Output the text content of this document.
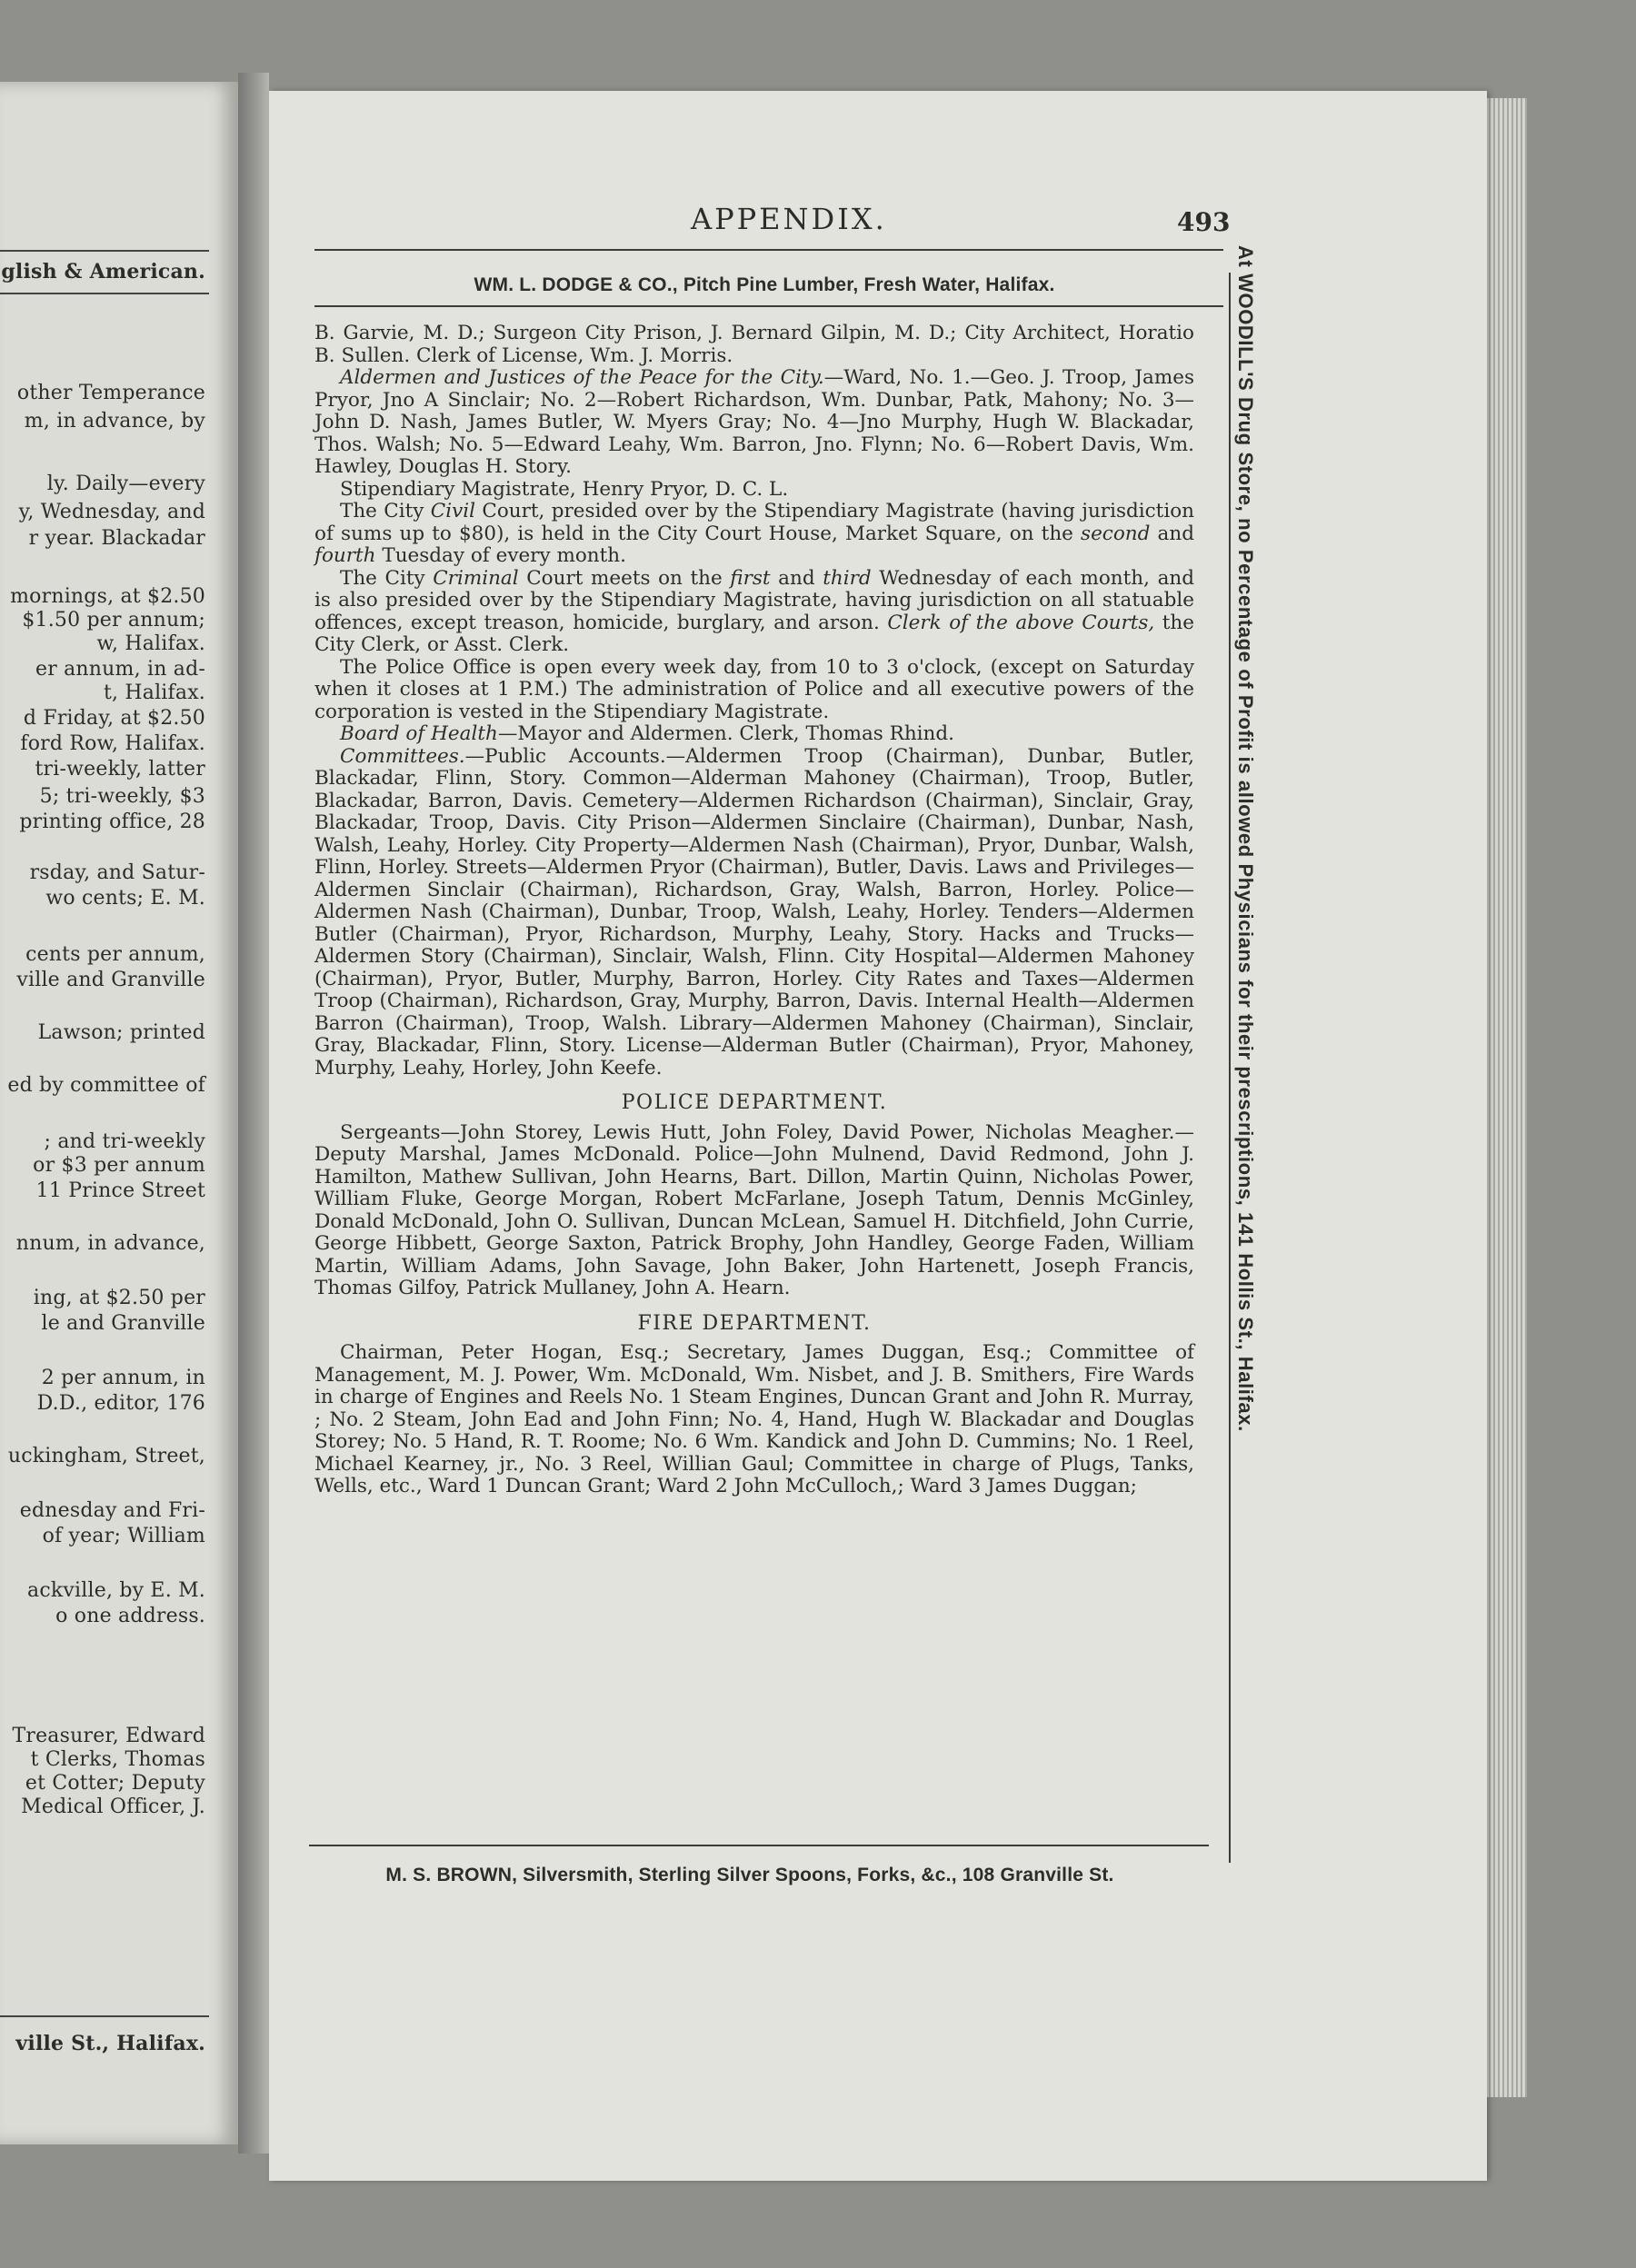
glish & American.
other Temperance
m, in advance, by
ly. Daily—every
y, Wednesday, and
r year. Blackadar
mornings, at $2.50
$1.50 per annum;
w, Halifax.
er annum, in ad-
t, Halifax.
d Friday, at $2.50
ford Row, Halifax.
tri-weekly, latter
5; tri-weekly, $3
printing office, 28
rsday, and Satur-
wo cents; E. M.
cents per annum,
ville and Granville
Lawson; printed
ed by committee of
; and tri-weekly
or $3 per annum
11 Prince Street
nnum, in advance,
ing, at $2.50 per
le and Granville
2 per annum, in
D.D., editor, 176
uckingham, Street,
ednesday and Fri-
of year; William
ackville, by E. M.
o one address.
Treasurer, Edward
t Clerks, Thomas
et Cotter; Deputy
Medical Officer, J.
ville St., Halifax.
APPENDIX.	493
WM. L. DODGE & CO., Pitch Pine Lumber, Fresh Water, Halifax.	At WOODILL'S Drug Store, no Percentage of Profit is allowed Physicians for their prescriptions, 141 Hollis St., Halifax.

B. Garvie, M. D.; Surgeon City Prison, J. Bernard Gilpin, M. D.; City Architect, Horatio B. Sullen. Clerk of License, Wm. J. Morris.

Aldermen and Justices of the Peace for the City.—Ward, No. 1.—Geo. J. Troop, James Pryor, Jno A Sinclair; No. 2—Robert Richardson, Wm. Dunbar, Patk, Mahony; No. 3—John D. Nash, James Butler, W. Myers Gray; No. 4—Jno Murphy, Hugh W. Blackadar, Thos. Walsh; No. 5—Edward Leahy, Wm. Barron, Jno. Flynn; No. 6—Robert Davis, Wm. Hawley, Douglas H. Story.

Stipendiary Magistrate, Henry Pryor, D. C. L.

The City Civil Court, presided over by the Stipendiary Magistrate (having jurisdiction of sums up to $80), is held in the City Court House, Market Square, on the second and fourth Tuesday of every month.

The City Criminal Court meets on the first and third Wednesday of each month, and is also presided over by the Stipendiary Magistrate, having jurisdiction on all statuable offences, except treason, homicide, burglary, and arson. Clerk of the above Courts, the City Clerk, or Asst. Clerk.

The Police Office is open every week day, from 10 to 3 o'clock, (except on Saturday when it closes at 1 P.M.) The administration of Police and all executive powers of the corporation is vested in the Stipendiary Magistrate.

Board of Health—Mayor and Aldermen. Clerk, Thomas Rhind.

Committees.—Public Accounts.—Aldermen Troop (Chairman), Dunbar, Butler, Blackadar, Flinn, Story. Common—Alderman Mahoney (Chairman), Troop, Butler, Blackadar, Barron, Davis. Cemetery—Aldermen Richardson (Chairman), Sinclair, Gray, Blackadar, Troop, Davis. City Prison—Aldermen Sinclaire (Chairman), Dunbar, Nash, Walsh, Leahy, Horley. City Property—Aldermen Nash (Chairman), Pryor, Dunbar, Walsh, Flinn, Horley. Streets—Aldermen Pryor (Chairman), Butler, Davis. Laws and Privileges—Aldermen Sinclair (Chairman), Richardson, Gray, Walsh, Barron, Horley. Police—Aldermen Nash (Chairman), Dunbar, Troop, Walsh, Leahy, Horley. Tenders—Aldermen Butler (Chairman), Pryor, Richardson, Murphy, Leahy, Story. Hacks and Trucks—Aldermen Story (Chairman), Sinclair, Walsh, Flinn. City Hospital—Aldermen Mahoney (Chairman), Pryor, Butler, Murphy, Barron, Horley. City Rates and Taxes—Aldermen Troop (Chairman), Richardson, Gray, Murphy, Barron, Davis. Internal Health—Aldermen Barron (Chairman), Troop, Walsh. Library—Aldermen Mahoney (Chairman), Sinclair, Gray, Blackadar, Flinn, Story. License—Alderman Butler (Chairman), Pryor, Mahoney, Murphy, Leahy, Horley, John Keefe.

POLICE DEPARTMENT.

Sergeants—John Storey, Lewis Hutt, John Foley, David Power, Nicholas Meagher.—Deputy Marshal, James McDonald. Police—John Mulnend, David Redmond, John J. Hamilton, Mathew Sullivan, John Hearns, Bart. Dillon, Martin Quinn, Nicholas Power, William Fluke, George Morgan, Robert McFarlane, Joseph Tatum, Dennis McGinley, Donald McDonald, John O. Sullivan, Duncan McLean, Samuel H. Ditchfield, John Currie, George Hibbett, George Saxton, Patrick Brophy, John Handley, George Faden, William Martin, William Adams, John Savage, John Baker, John Hartenett, Joseph Francis, Thomas Gilfoy, Patrick Mullaney, John A. Hearn.

FIRE DEPARTMENT.

Chairman, Peter Hogan, Esq.; Secretary, James Duggan, Esq.; Committee of Management, M. J. Power, Wm. McDonald, Wm. Nisbet, and J. B. Smithers, Fire Wards in charge of Engines and Reels No. 1 Steam Engines, Duncan Grant and John R. Murray, ; No. 2 Steam, John Ead and John Finn; No. 4, Hand, Hugh W. Blackadar and Douglas Storey; No. 5 Hand, R. T. Roome; No. 6 Wm. Kandick and John D. Cummins; No. 1 Reel, Michael Kearney, jr., No. 3 Reel, Willian Gaul; Committee in charge of Plugs, Tanks, Wells, etc., Ward 1 Duncan Grant; Ward 2 John McCulloch,; Ward 3 James Duggan;

M. S. BROWN, Silversmith, Sterling Silver Spoons, Forks, &c., 108 Granville St.
